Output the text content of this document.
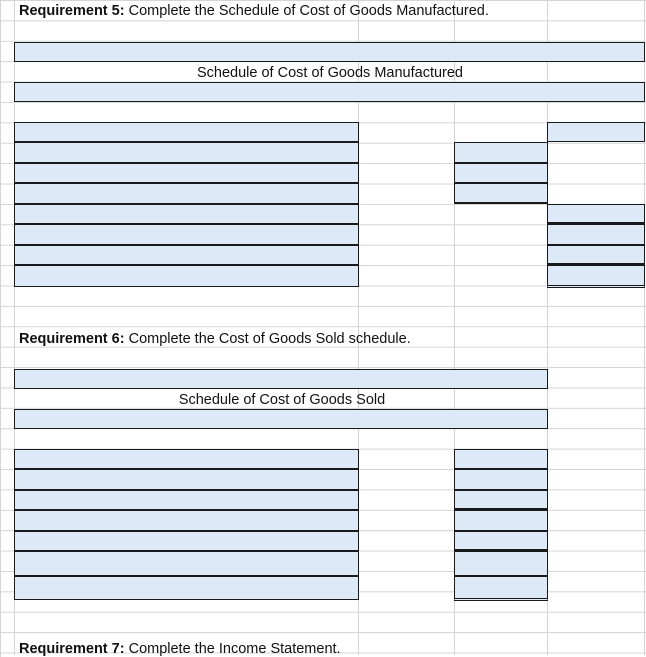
Requirement 5: Complete the Schedule of Cost of Goods Manufactured.
Schedule of Cost of Goods Manufactured
Requirement 6: Complete the Cost of Goods Sold schedule.
Schedule of Cost of Goods Sold
Requirement 7: Complete the Income Statement.
